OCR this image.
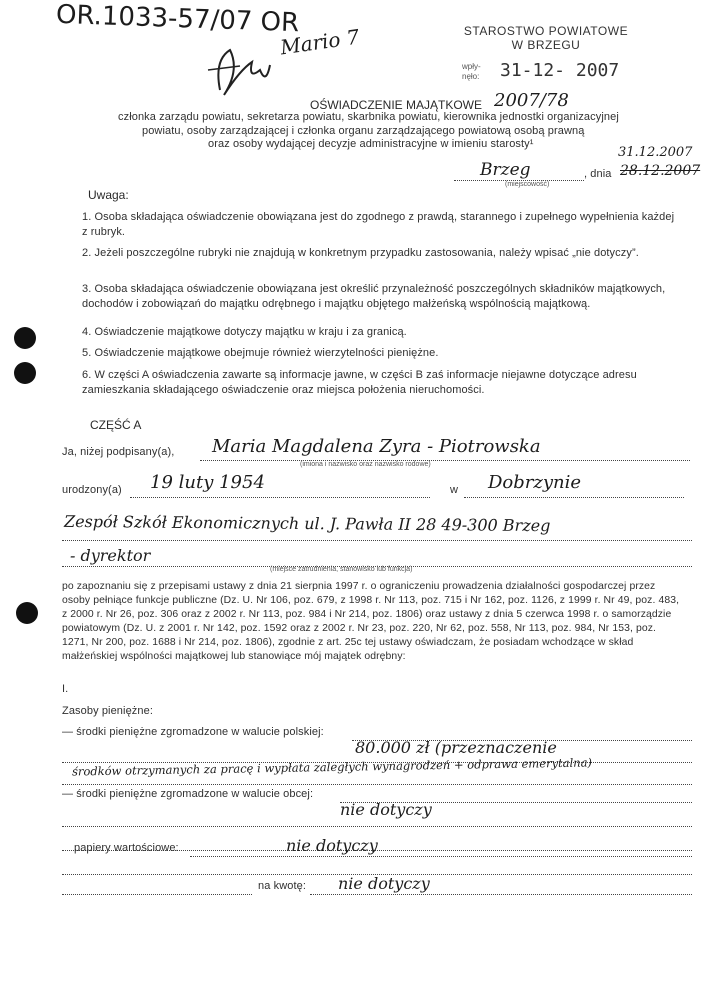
OR.1033-57/07 OR
Mario 7	STAROSTWO POWIATOWE
W BRZEGU
wpły-
nęło: 31-12- 2007
2007/78
OŚWIADCZENIE MAJĄTKOWE
członka zarządu powiatu, sekretarza powiatu, skarbnika powiatu, kierownika jednostki organizacyjnej
powiatu, osoby zarządzającej i członka organu zarządzającego powiatową osobą prawną
oraz osoby wydającej decyzje administracyjne w imieniu starosty¹
Brzeg
(miejscowość)
, dnia 28.12.2007
31.12.2007
Uwaga:
1. Osoba składająca oświadczenie obowiązana jest do zgodnego z prawdą, starannego i zupełnego wypełnienia każdej z rubryk.
2. Jeżeli poszczególne rubryki nie znajdują w konkretnym przypadku zastosowania, należy wpisać „nie dotyczy”.
3. Osoba składająca oświadczenie obowiązana jest określić przynależność poszczególnych składników majątkowych, dochodów i zobowiązań do majątku odrębnego i majątku objętego małżeńską wspólnością majątkową.
4. Oświadczenie majątkowe dotyczy majątku w kraju i za granicą.
5. Oświadczenie majątkowe obejmuje również wierzytelności pieniężne.
6. W części A oświadczenia zawarte są informacje jawne, w części B zaś informacje niejawne dotyczące adresu zamieszkania składającego oświadczenie oraz miejsca położenia nieruchomości.
CZĘŚĆ A
Ja, niżej podpisany(a), Maria Magdalena Zyra - Piotrowska
(imiona i nazwisko oraz nazwisko rodowe)
urodzony(a) 19 luty 1954	w Dobrzynie
Zespół Szkół Ekonomicznych ul. J. Pawła II 28 49-300 Brzeg
- dyrektor
(miejsce zatrudnienia, stanowisko lub funkcja)
po zapoznaniu się z przepisami ustawy z dnia 21 sierpnia 1997 r. o ograniczeniu prowadzenia działalności gospodarczej przez osoby pełniące funkcje publiczne (Dz. U. Nr 106, poz. 679, z 1998 r. Nr 113, poz. 715 i Nr 162, poz. 1126, z 1999 r. Nr 49, poz. 483, z 2000 r. Nr 26, poz. 306 oraz z 2002 r. Nr 113, poz. 984 i Nr 214, poz. 1806) oraz ustawy z dnia 5 czerwca 1998 r. o samorządzie powiatowym (Dz. U. z 2001 r. Nr 142, poz. 1592 oraz z 2002 r. Nr 23, poz. 220, Nr 62, poz. 558, Nr 113, poz. 984, Nr 153, poz. 1271, Nr 200, poz. 1688 i Nr 214, poz. 1806), zgodnie z art. 25c tej ustawy oświadczam, że posiadam wchodzące w skład małżeńskiej wspólności majątkowej lub stanowiące mój majątek odrębny:
I.
Zasoby pieniężne:
— środki pieniężne zgromadzone w walucie polskiej:
80.000 zł (przeznaczenie
środków otrzymanych za pracę i wypłata zaległych wynagrodzeń + odprawa emerytalna)
— środki pieniężne zgromadzone w walucie obcej:
nie dotyczy
papiery wartościowe:	nie dotyczy
na kwotę: nie dotyczy
